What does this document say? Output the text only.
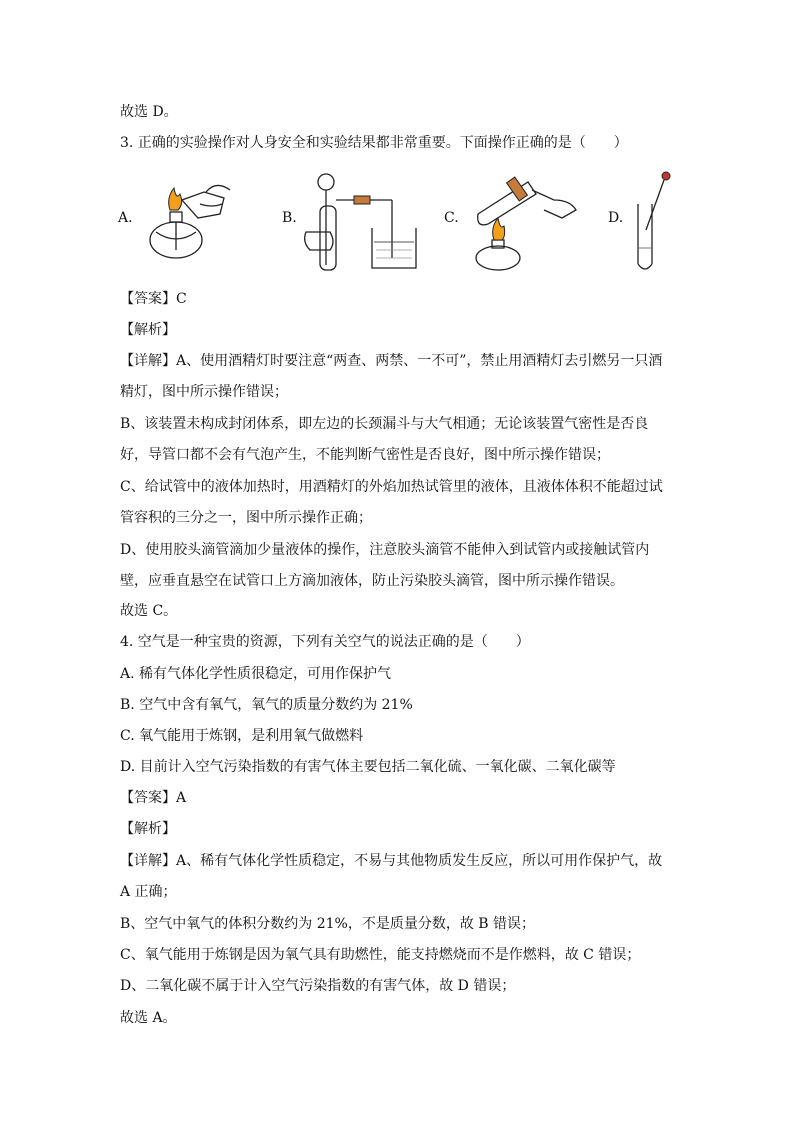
故选 D。
3. 正确的实验操作对人身安全和实验结果都非常重要。下面操作正确的是（　　）
A.	B.	C.	D.
【答案】C
【解析】
【详解】A、使用酒精灯时要注意“两查、两禁、一不可”，禁止用酒精灯去引燃另一只酒
精灯，图中所示操作错误；
B、该装置未构成封闭体系，即左边的长颈漏斗与大气相通；无论该装置气密性是否良
好，导管口都不会有气泡产生，不能判断气密性是否良好，图中所示操作错误；
C、给试管中的液体加热时，用酒精灯的外焰加热试管里的液体，且液体体积不能超过试
管容积的三分之一，图中所示操作正确；
D、使用胶头滴管滴加少量液体的操作，注意胶头滴管不能伸入到试管内或接触试管内
壁，应垂直悬空在试管口上方滴加液体，防止污染胶头滴管，图中所示操作错误。
故选 C。
4. 空气是一种宝贵的资源，下列有关空气的说法正确的是（　　）
A. 稀有气体化学性质很稳定，可用作保护气
B. 空气中含有氧气，氧气的质量分数约为 21%
C. 氧气能用于炼钢，是利用氧气做燃料
D. 目前计入空气污染指数的有害气体主要包括二氧化硫、一氧化碳、二氧化碳等
【答案】A
【解析】
【详解】A、稀有气体化学性质稳定，不易与其他物质发生反应，所以可用作保护气，故
A 正确；
B、空气中氧气的体积分数约为 21%，不是质量分数，故 B 错误；
C、氧气能用于炼钢是因为氧气具有助燃性，能支持燃烧而不是作燃料，故 C 错误；
D、二氧化碳不属于计入空气污染指数的有害气体，故 D 错误；
故选 A。
